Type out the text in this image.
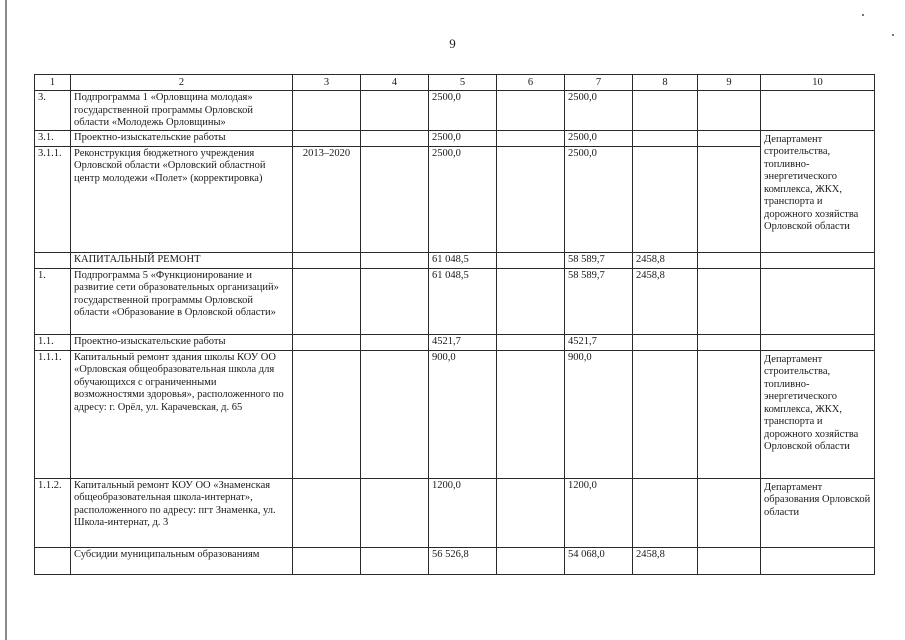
9
1	2	3	4	5	6	7	8	9	10
3.	Подпрограмма 1 «Орловщина молодая» государственной программы Орловской области «Молодежь Орловщины»			2500,0		2500,0			
3.1.	Проектно-изыскательские работы			2500,0		2500,0			Департамент строительства, топливно-энергетического комплекса, ЖКХ, транспорта и дорожного хозяйства Орловской области
3.1.1.	Реконструкция бюджетного учреждения Орловской области «Орловский областной центр молодежи «Полет» (корректировка)	2013–2020		2500,0		2500,0			
	КАПИТАЛЬНЫЙ РЕМОНТ			61 048,5		58 589,7	2458,8		
1.	Подпрограмма 5 «Функционирование и развитие сети образовательных организаций» государственной программы Орловской области «Образование в Орловской области»			61 048,5		58 589,7	2458,8		
1.1.	Проектно-изыскательские работы			4521,7		4521,7			
1.1.1.	Капитальный ремонт здания школы КОУ ОО «Орловская общеобразовательная школа для обучающихся с ограниченными возможностями здоровья», расположенного по адресу: г. Орёл, ул. Карачевская, д. 65			900,0		900,0			Департамент строительства, топливно-энергетического комплекса, ЖКХ, транспорта и дорожного хозяйства Орловской области
1.1.2.	Капитальный ремонт КОУ ОО «Знаменская общеобразовательная школа-интернат», расположенного по адресу: пгт Знаменка, ул. Школа-интернат, д. 3			1200,0		1200,0			Департамент образования Орловской области
	Субсидии муниципальным образованиям			56 526,8		54 068,0	2458,8		
